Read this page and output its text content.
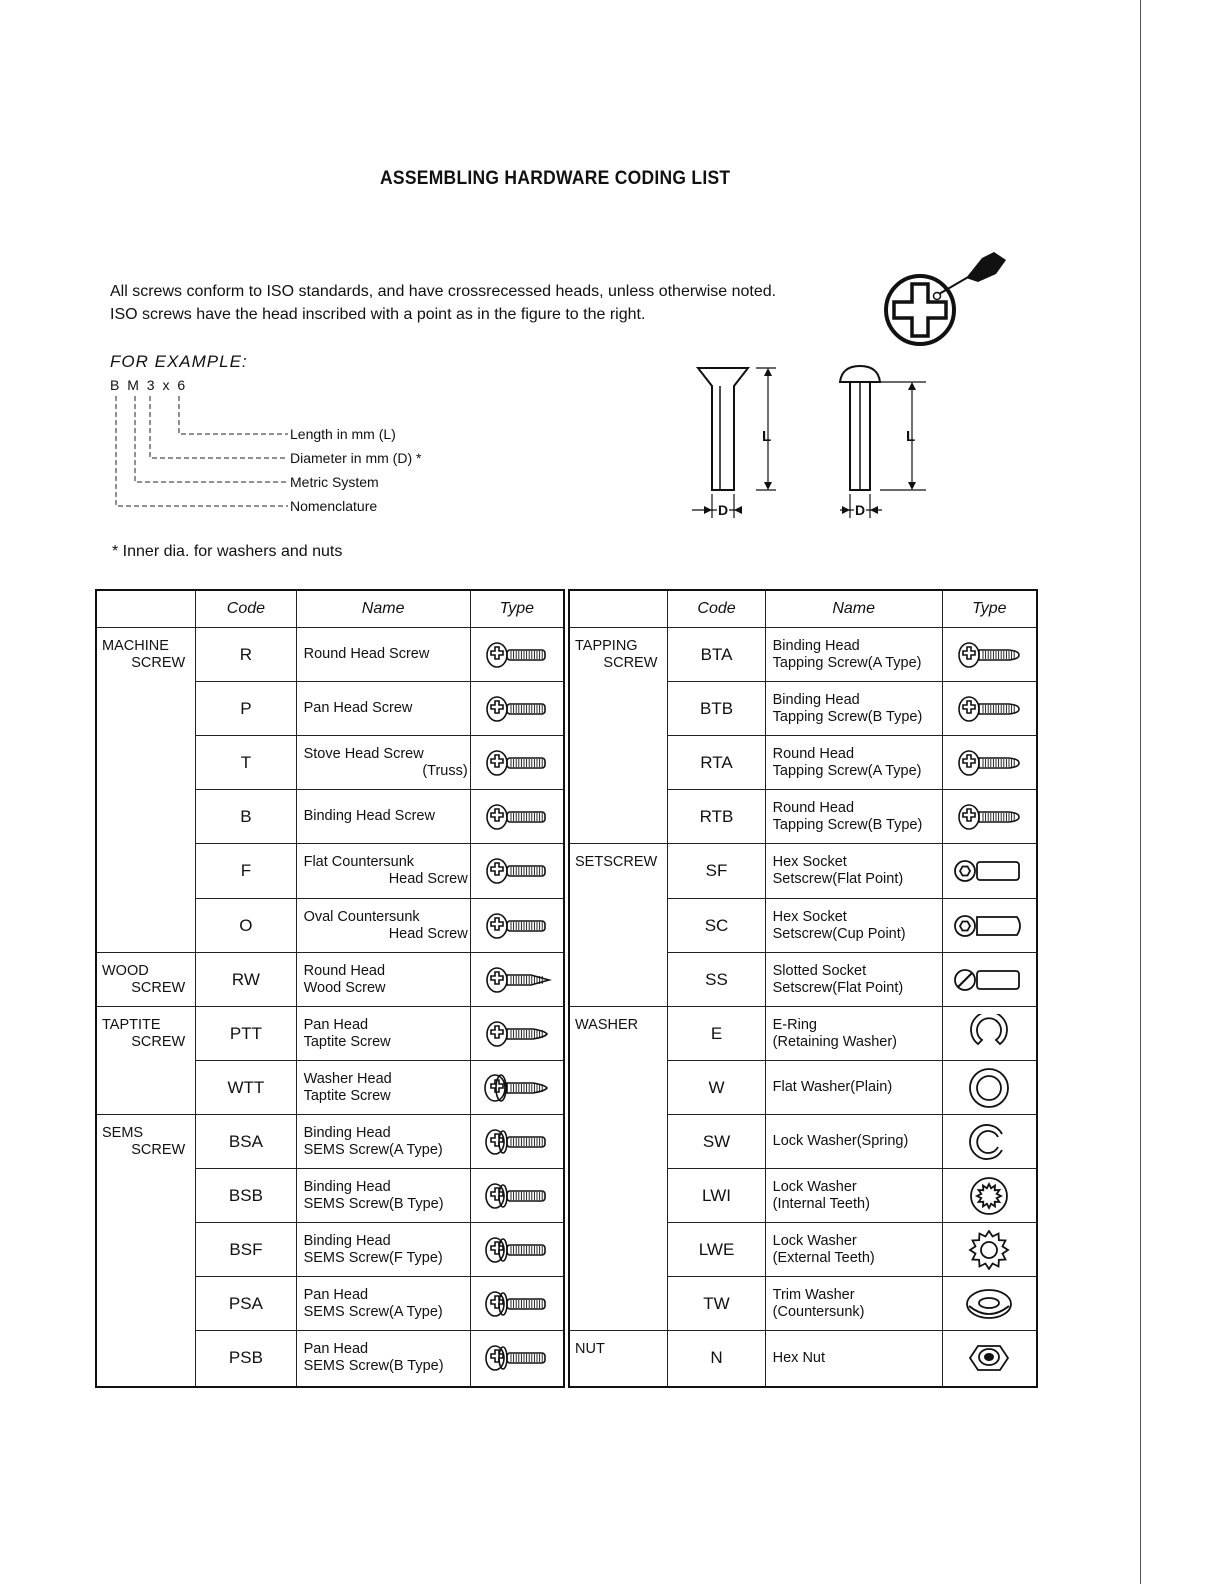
ASSEMBLING HARDWARE CODING LIST
All screws conform to ISO standards, and have crossrecessed heads, unless otherwise noted.
ISO screws have the head inscribed with a point as in the figure to the right.
FOR EXAMPLE:
B M 3 x 6
Length in mm (L)
Diameter in mm (D) *
Metric System
Nomenclature
L	L
D	D
* Inner dia. for washers and nuts
	Code	Name	Type

MACHINE
SCREW	R	Round Head Screw

	P	Pan Head Screw

	T	Stove Head Screw
(Truss)

	B	Binding Head Screw

	F	Flat Countersunk
Head Screw

	O	Oval Countersunk
Head Screw

WOOD
SCREW	RW	Round Head
Wood Screw

TAPTITE
SCREW	PTT	Pan Head
Taptite Screw

	WTT	Washer Head
Taptite Screw

SEMS
SCREW	BSA	Binding Head
SEMS Screw(A Type)

	BSB	Binding Head
SEMS Screw(B Type)

	BSF	Binding Head
SEMS Screw(F Type)

	PSA	Pan Head
SEMS Screw(A Type)

	PSB	Pan Head
SEMS Screw(B Type)

	Code	Name	Type

TAPPING
SCREW	BTA	Binding Head
Tapping Screw(A Type)

	BTB	Binding Head
Tapping Screw(B Type)

	RTA	Round Head
Tapping Screw(A Type)

	RTB	Round Head
Tapping Screw(B Type)

SETSCREW	SF	Hex Socket
Setscrew(Flat Point)

	SC	Hex Socket
Setscrew(Cup Point)

	SS	Slotted Socket
Setscrew(Flat Point)

WASHER	E	E-Ring
(Retaining Washer)

	W	Flat Washer(Plain)

	SW	Lock Washer(Spring)

	LWI	Lock Washer
(Internal Teeth)

	LWE	Lock Washer
(External Teeth)

	TW	Trim Washer
(Countersunk)

NUT	N	Hex Nut
